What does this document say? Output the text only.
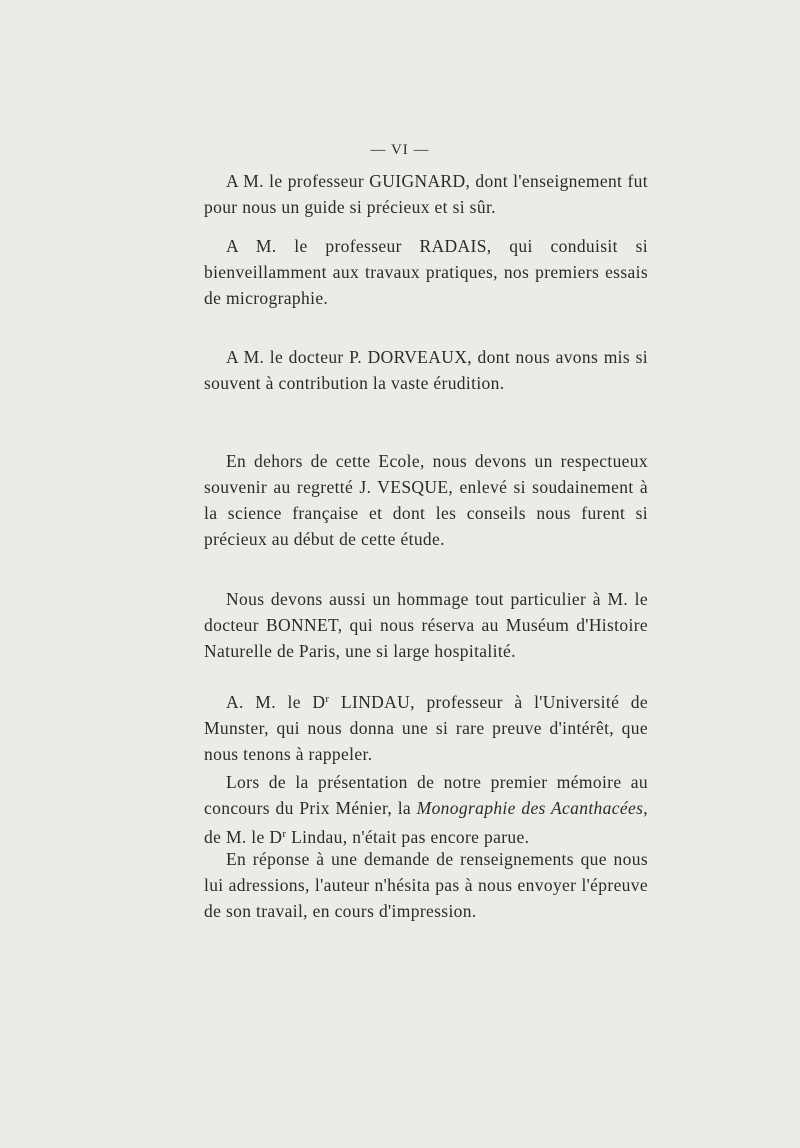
— VI —

A M. le professeur GUIGNARD, dont l'enseignement fut pour nous un guide si précieux et si sûr.

A M. le professeur RADAIS, qui conduisit si bienveillamment aux travaux pratiques, nos premiers essais de micrographie.

A M. le docteur P. DORVEAUX, dont nous avons mis si souvent à contribution la vaste érudition.

En dehors de cette Ecole, nous devons un respectueux souvenir au regretté J. VESQUE, enlevé si soudainement à la science française et dont les conseils nous furent si précieux au début de cette étude.

Nous devons aussi un hommage tout particulier à M. le docteur BONNET, qui nous réserva au Muséum d'Histoire Naturelle de Paris, une si large hospitalité.

A. M. le $D^r$ LINDAU, professeur à l'Université de Munster, qui nous donna une si rare preuve d'intérêt, que nous tenons à rappeler.

Lors de la présentation de notre premier mémoire au concours du Prix Ménier, la Monographie des Acanthacées, de M. le $D^r$ Lindau, n'était pas encore parue.

En réponse à une demande de renseignements que nous lui adressions, l'auteur n'hésita pas à nous envoyer l'épreuve de son travail, en cours d'impression.
